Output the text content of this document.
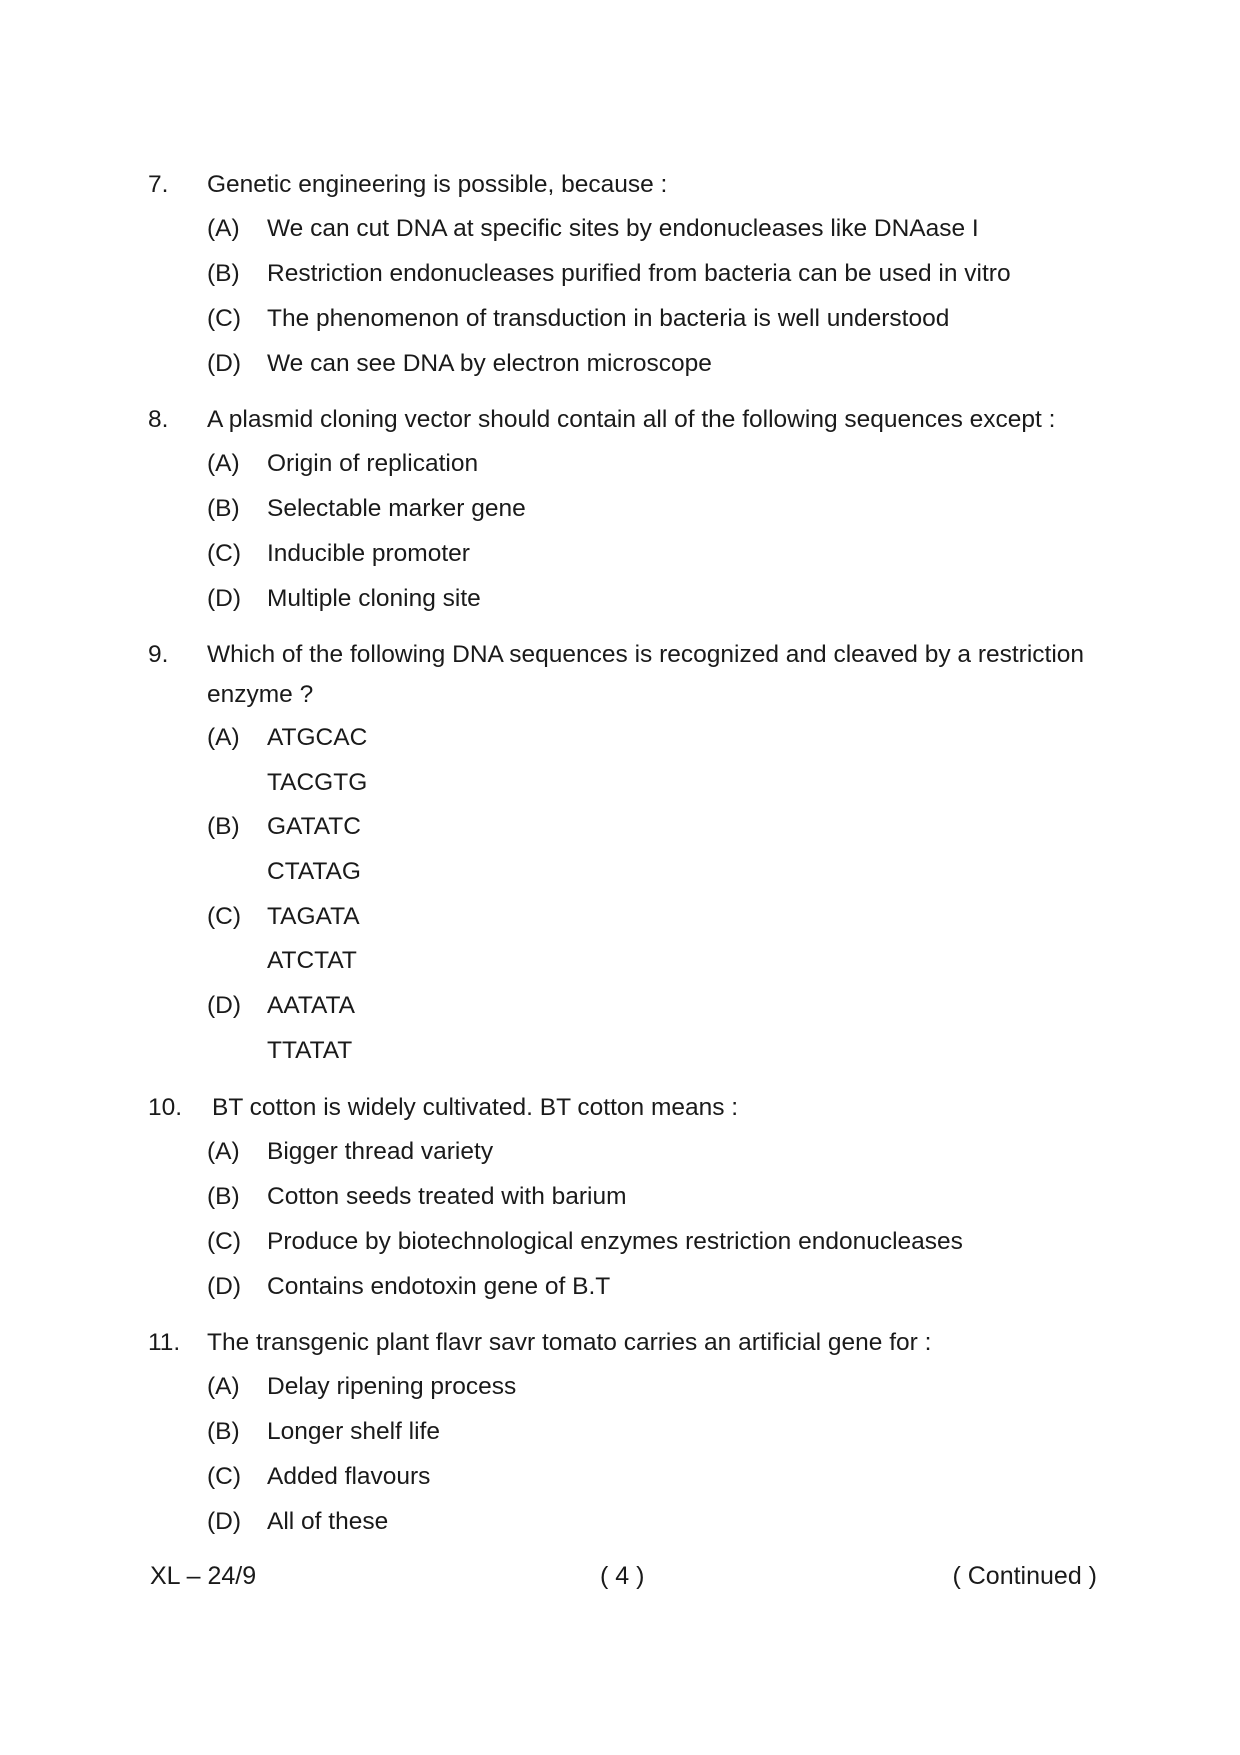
7. Genetic engineering is possible, because :
(A) We can cut DNA at specific sites by endonucleases like DNAase I
(B) Restriction endonucleases purified from bacteria can be used in vitro
(C) The phenomenon of transduction in bacteria is well understood
(D) We can see DNA by electron microscope
8. A plasmid cloning vector should contain all of the following sequences except :
(A) Origin of replication
(B) Selectable marker gene
(C) Inducible promoter
(D) Multiple cloning site
9. Which of the following DNA sequences is recognized and cleaved by a restriction
enzyme ?
(A) ATGCAC
TACGTG
(B) GATATC
CTATAG
(C) TAGATA
ATCTAT
(D) AATATA
TTATAT
10. BT cotton is widely cultivated. BT cotton means :
(A) Bigger thread variety
(B) Cotton seeds treated with barium
(C) Produce by biotechnological enzymes restriction endonucleases
(D) Contains endotoxin gene of B.T
11. The transgenic plant flavr savr tomato carries an artificial gene for :
(A) Delay ripening process
(B) Longer shelf life
(C) Added flavours
(D) All of these
XL – 24/9	( 4 )	( Continued )
